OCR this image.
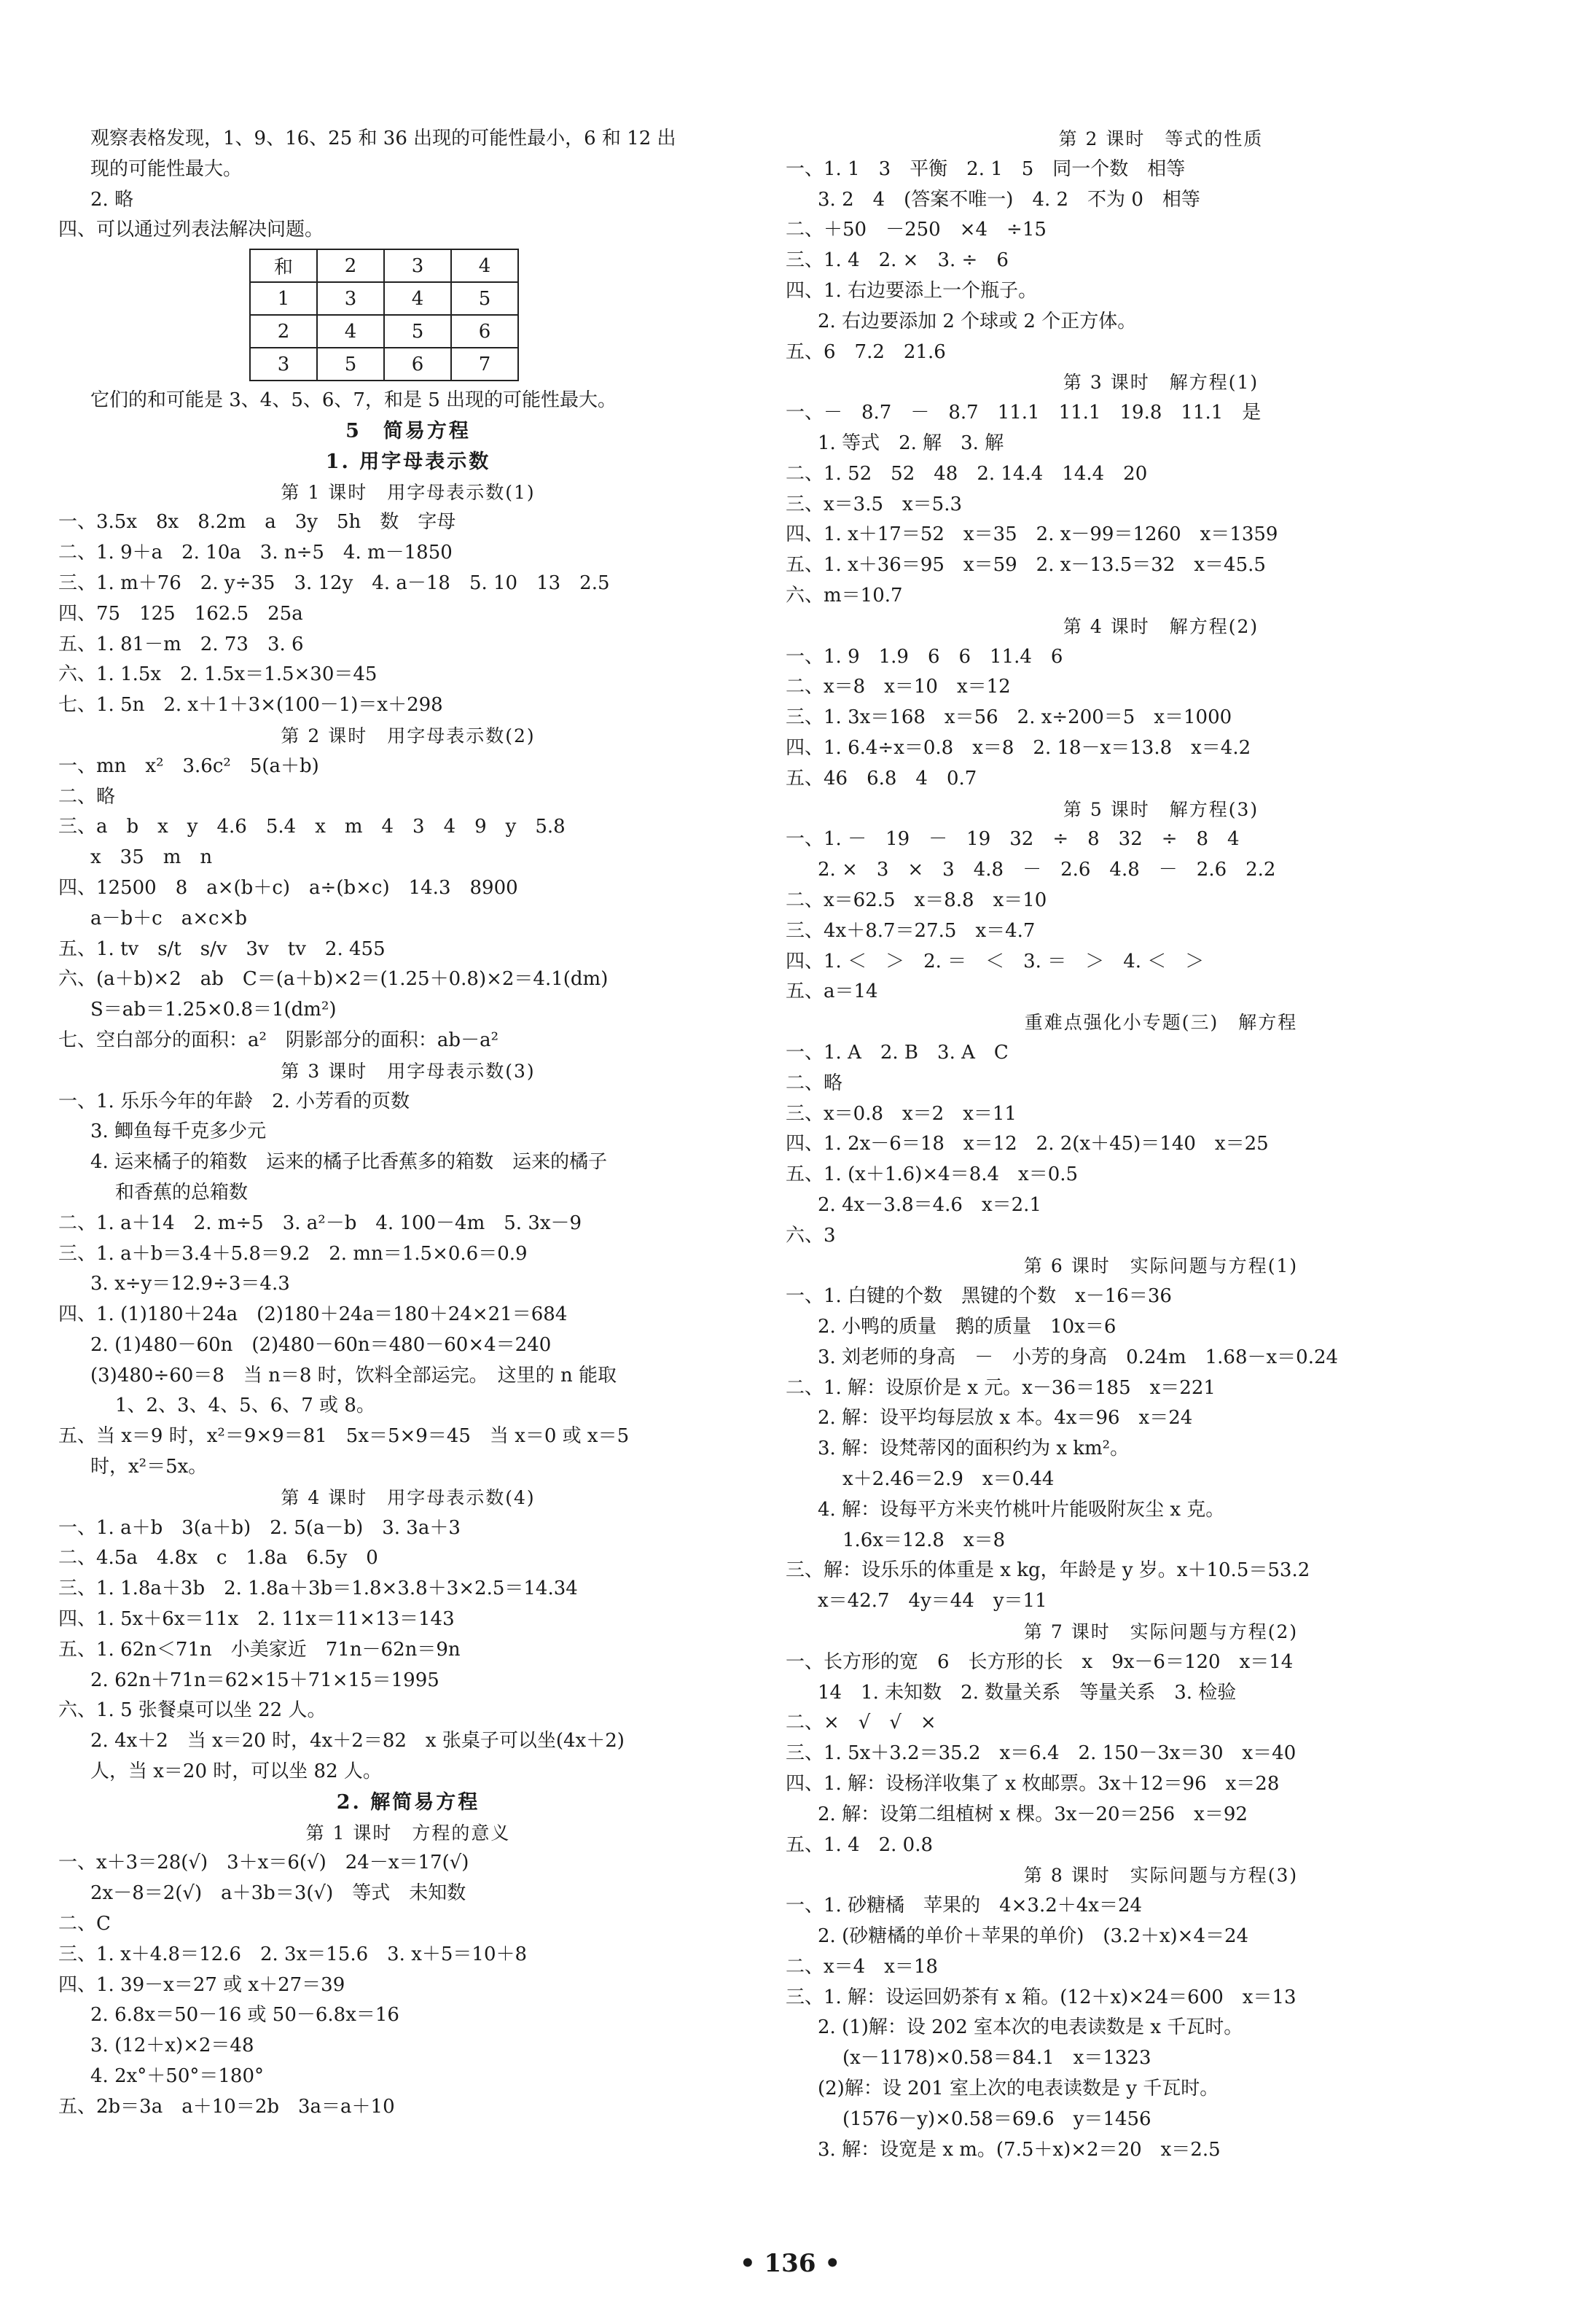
观察表格发现，1、9、16、25 和 36 出现的可能性最小，6 和 12 出
现的可能性最大。
2. 略
四、可以通过列表法解决问题。
和	2	3	4
1	3	4	5
2	4	5	6
3	5	6	7
它们的和可能是 3、4、5、6、7，和是 5 出现的可能性最大。
5　简易方程
1. 用字母表示数
第 1 课时　用字母表示数(1)
一、3.5x　8x　8.2m　a　3y　5h　数　字母
二、1. 9＋a　2. 10a　3. n÷5　4. m－1850
三、1. m＋76　2. y÷35　3. 12y　4. a－18　5. 10　13　2.5
四、75　125　162.5　25a
五、1. 81－m　2. 73　3. 6
六、1. 1.5x　2. 1.5x＝1.5×30＝45
七、1. 5n　2. x＋1＋3×(100－1)＝x＋298
第 2 课时　用字母表示数(2)
一、mn　x²　3.6c²　5(a＋b)
二、略
三、a　b　x　y　4.6　5.4　x　m　4　3　4　9　y　5.8
x　35　m　n
四、12500　8　a×(b＋c)　a÷(b×c)　14.3　8900
a－b＋c　a×c×b
五、1. tv　s/t　s/v　3v　tv　2. 455
六、(a＋b)×2　ab　C＝(a＋b)×2＝(1.25＋0.8)×2＝4.1(dm)
S＝ab＝1.25×0.8＝1(dm²)
七、空白部分的面积：a²　阴影部分的面积：ab－a²
第 3 课时　用字母表示数(3)
一、1. 乐乐今年的年龄　2. 小芳看的页数
3. 鲫鱼每千克多少元
4. 运来橘子的箱数　运来的橘子比香蕉多的箱数　运来的橘子
和香蕉的总箱数
二、1. a＋14　2. m÷5　3. a²－b　4. 100－4m　5. 3x－9
三、1. a＋b＝3.4＋5.8＝9.2　2. mn＝1.5×0.6＝0.9
3. x÷y＝12.9÷3＝4.3
四、1. (1)180＋24a　(2)180＋24a＝180＋24×21＝684
2. (1)480－60n　(2)480－60n＝480－60×4＝240
(3)480÷60＝8　当 n＝8 时，饮料全部运完。　这里的 n 能取
1、2、3、4、5、6、7 或 8。
五、当 x＝9 时，x²＝9×9＝81　5x＝5×9＝45　当 x＝0 或 x＝5
时，x²＝5x。
第 4 课时　用字母表示数(4)
一、1. a＋b　3(a＋b)　2. 5(a－b)　3. 3a＋3
二、4.5a　4.8x　c　1.8a　6.5y　0
三、1. 1.8a＋3b　2. 1.8a＋3b＝1.8×3.8＋3×2.5＝14.34
四、1. 5x＋6x＝11x　2. 11x＝11×13＝143
五、1. 62n＜71n　小美家近　71n－62n＝9n
2. 62n＋71n＝62×15＋71×15＝1995
六、1. 5 张餐桌可以坐 22 人。
2. 4x＋2　当 x＝20 时，4x＋2＝82　x 张桌子可以坐(4x＋2)
人，当 x＝20 时，可以坐 82 人。
2. 解简易方程
第 1 课时　方程的意义
一、x＋3＝28(√)　3＋x＝6(√)　24－x＝17(√)
2x－8＝2(√)　a＋3b＝3(√)　等式　未知数
二、C
三、1. x＋4.8＝12.6　2. 3x＝15.6　3. x＋5＝10＋8
四、1. 39－x＝27 或 x＋27＝39
2. 6.8x＝50－16 或 50－6.8x＝16
3. (12＋x)×2＝48
4. 2x°＋50°＝180°
五、2b＝3a　a＋10＝2b　3a＝a＋10
第 2 课时　等式的性质
一、1. 1　3　平衡　2. 1　5　同一个数　相等
3. 2　4　(答案不唯一)　4. 2　不为 0　相等
二、＋50　－250　×4　÷15
三、1. 4　2. ×　3. ÷　6
四、1. 右边要添上一个瓶子。
2. 右边要添加 2 个球或 2 个正方体。
五、6　7.2　21.6
第 3 课时　解方程(1)
一、－　8.7　－　8.7　11.1　11.1　19.8　11.1　是
1. 等式　2. 解　3. 解
二、1. 52　52　48　2. 14.4　14.4　20
三、x＝3.5　x＝5.3
四、1. x＋17＝52　x＝35　2. x－99＝1260　x＝1359
五、1. x＋36＝95　x＝59　2. x－13.5＝32　x＝45.5
六、m＝10.7
第 4 课时　解方程(2)
一、1. 9　1.9　6　6　11.4　6
二、x＝8　x＝10　x＝12
三、1. 3x＝168　x＝56　2. x÷200＝5　x＝1000
四、1. 6.4÷x＝0.8　x＝8　2. 18－x＝13.8　x＝4.2
五、46　6.8　4　0.7
第 5 课时　解方程(3)
一、1. －　19　－　19　32　÷　8　32　÷　8　4
2. ×　3　×　3　4.8　－　2.6　4.8　－　2.6　2.2
二、x＝62.5　x＝8.8　x＝10
三、4x＋8.7＝27.5　x＝4.7
四、1. ＜　＞　2. ＝　＜　3. ＝　＞　4. ＜　＞
五、a＝14
重难点强化小专题(三)　解方程
一、1. A　2. B　3. A　C
二、略
三、x＝0.8　x＝2　x＝11
四、1. 2x－6＝18　x＝12　2. 2(x＋45)＝140　x＝25
五、1. (x＋1.6)×4＝8.4　x＝0.5
2. 4x－3.8＝4.6　x＝2.1
六、3
第 6 课时　实际问题与方程(1)
一、1. 白键的个数　黑键的个数　x－16＝36
2. 小鸭的质量　鹅的质量　10x＝6
3. 刘老师的身高　－　小芳的身高　0.24m　1.68－x＝0.24
二、1. 解：设原价是 x 元。x－36＝185　x＝221
2. 解：设平均每层放 x 本。4x＝96　x＝24
3. 解：设梵蒂冈的面积约为 x km²。
x＋2.46＝2.9　x＝0.44
4. 解：设每平方米夹竹桃叶片能吸附灰尘 x 克。
1.6x＝12.8　x＝8
三、解：设乐乐的体重是 x kg，年龄是 y 岁。x＋10.5＝53.2
x＝42.7　4y＝44　y＝11
第 7 课时　实际问题与方程(2)
一、长方形的宽　6　长方形的长　x　9x－6＝120　x＝14
14　1. 未知数　2. 数量关系　等量关系　3. 检验
二、×　√　√　×
三、1. 5x＋3.2＝35.2　x＝6.4　2. 150－3x＝30　x＝40
四、1. 解：设杨洋收集了 x 枚邮票。3x＋12＝96　x＝28
2. 解：设第二组植树 x 棵。3x－20＝256　x＝92
五、1. 4　2. 0.8
第 8 课时　实际问题与方程(3)
一、1. 砂糖橘　苹果的　4×3.2＋4x＝24
2. (砂糖橘的单价＋苹果的单价)　(3.2＋x)×4＝24
二、x＝4　x＝18
三、1. 解：设运回奶茶有 x 箱。(12＋x)×24＝600　x＝13
2. (1)解：设 202 室本次的电表读数是 x 千瓦时。
(x－1178)×0.58＝84.1　x＝1323
(2)解：设 201 室上次的电表读数是 y 千瓦时。
(1576－y)×0.58＝69.6　y＝1456
3. 解：设宽是 x m。(7.5＋x)×2＝20　x＝2.5
• 136 •
